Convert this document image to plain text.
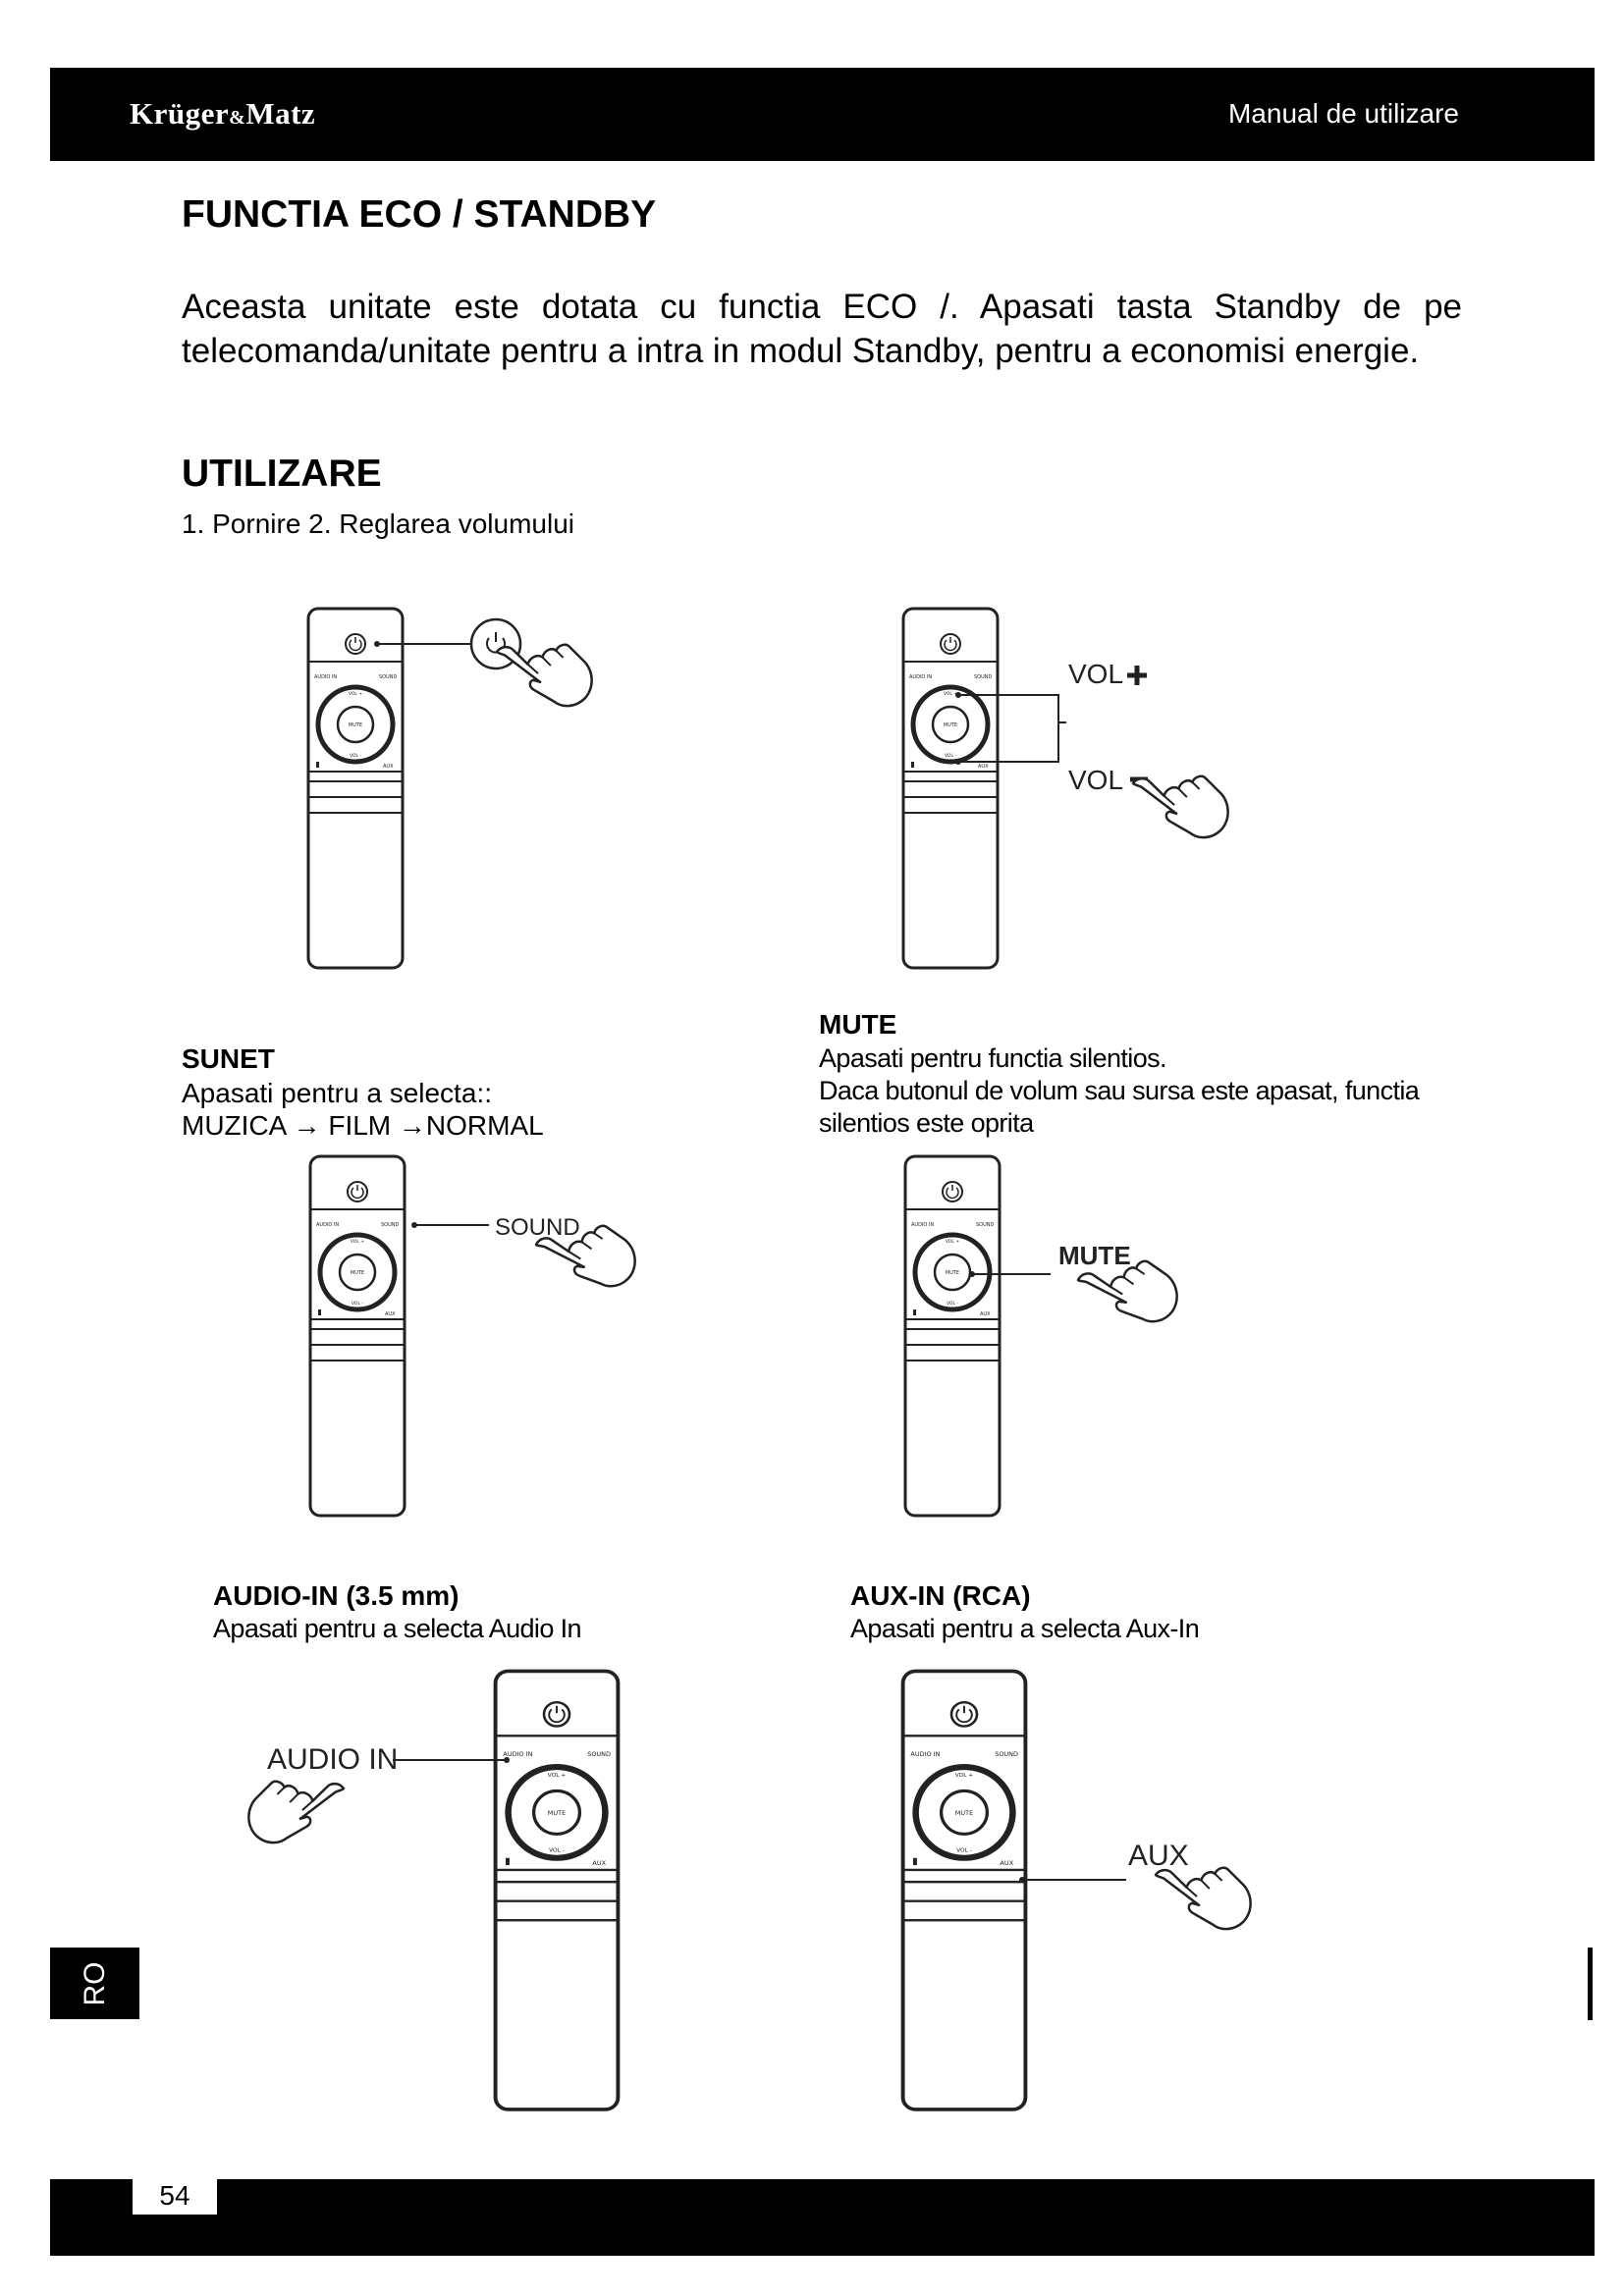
Krüger&Matz	Manual de utilizare
FUNCTIA ECO / STANDBY
Aceasta unitate este dotata cu functia ECO /. Apasati tasta Standby de pe telecomanda/unitate pentru a intra in modul Standby, pentru a economisi energie.
UTILIZARE
1. Pornire 2. Reglarea volumului
VOL
VOL
SUNET
Apasati pentru a selecta::
MUZICA → FILM →NORMAL
MUTE
Apasati pentru functia silentios.
Daca butonul de volum sau sursa este apasat, functia
silentios este oprita
SOUND
MUTE
AUDIO-IN (3.5 mm)
Apasati pentru a selecta Audio In
AUX-IN (RCA)
Apasati pentru a selecta Aux-In
AUDIO IN
AUX
RO
54
